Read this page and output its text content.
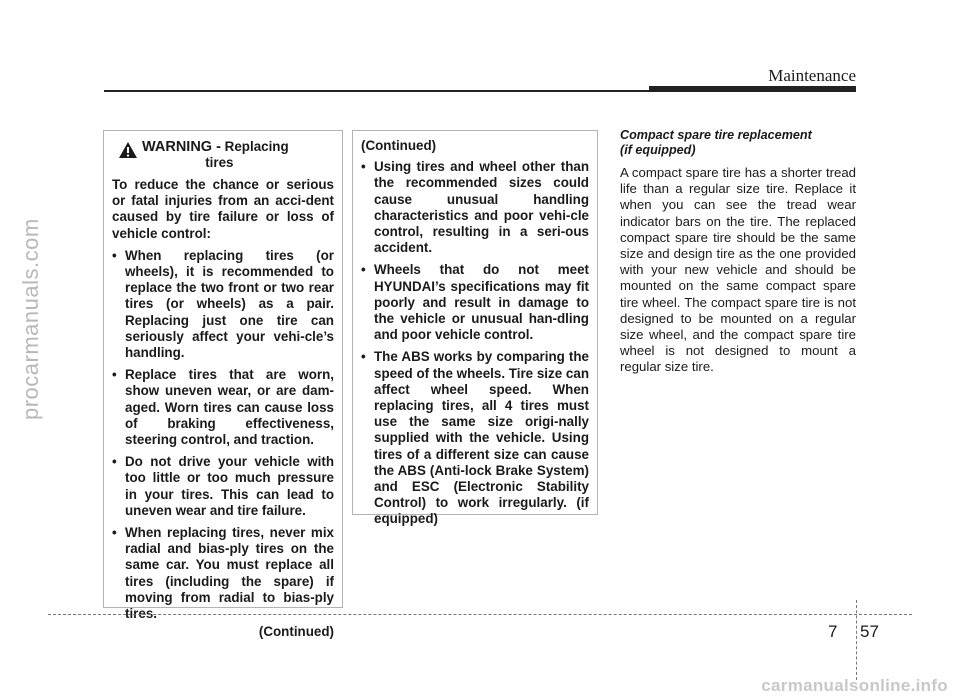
procarmanuals.com
Maintenance
WARNING - Replacing
tires

To reduce the chance or serious or fatal injuries from an acci-dent caused by tire failure or loss of vehicle control:

• When replacing tires (or wheels), it is recommended to replace the two front or two rear tires (or wheels) as a pair. Replacing just one tire can seriously affect your vehi-cle’s handling.
• Replace tires that are worn, show uneven wear, or are dam-aged. Worn tires can cause loss of braking effectiveness, steering control, and traction.
• Do not drive your vehicle with too little or too much pressure in your tires. This can lead to uneven wear and tire failure.
• When replacing tires, never mix radial and bias-ply tires on the same car. You must replace all tires (including the spare) if moving from radial to bias-ply tires.
(Continued)
(Continued)
• Using tires and wheel other than the recommended sizes could cause unusual handling characteristics and poor vehi-cle control, resulting in a seri-ous accident.
• Wheels that do not meet HYUNDAI’s specifications may fit poorly and result in damage to the vehicle or unusual han-dling and poor vehicle control.
• The ABS works by comparing the speed of the wheels. Tire size can affect wheel speed. When replacing tires, all 4 tires must use the same size origi-nally supplied with the vehicle. Using tires of a different size can cause the ABS (Anti-lock Brake System) and ESC (Electronic Stability Control) to work irregularly. (if equipped)
Compact spare tire replacement
(if equipped)

A compact spare tire has a shorter tread life than a regular size tire. Replace it when you can see the tread wear indicator bars on the tire. The replaced compact spare tire should be the same size and design tire as the one provided with your new vehicle and should be mounted on the same compact spare tire wheel. The compact spare tire is not designed to be mounted on a regular size wheel, and the compact spare tire wheel is not designed to mount a regular size tire.

7 57
carmanualsonline.info
